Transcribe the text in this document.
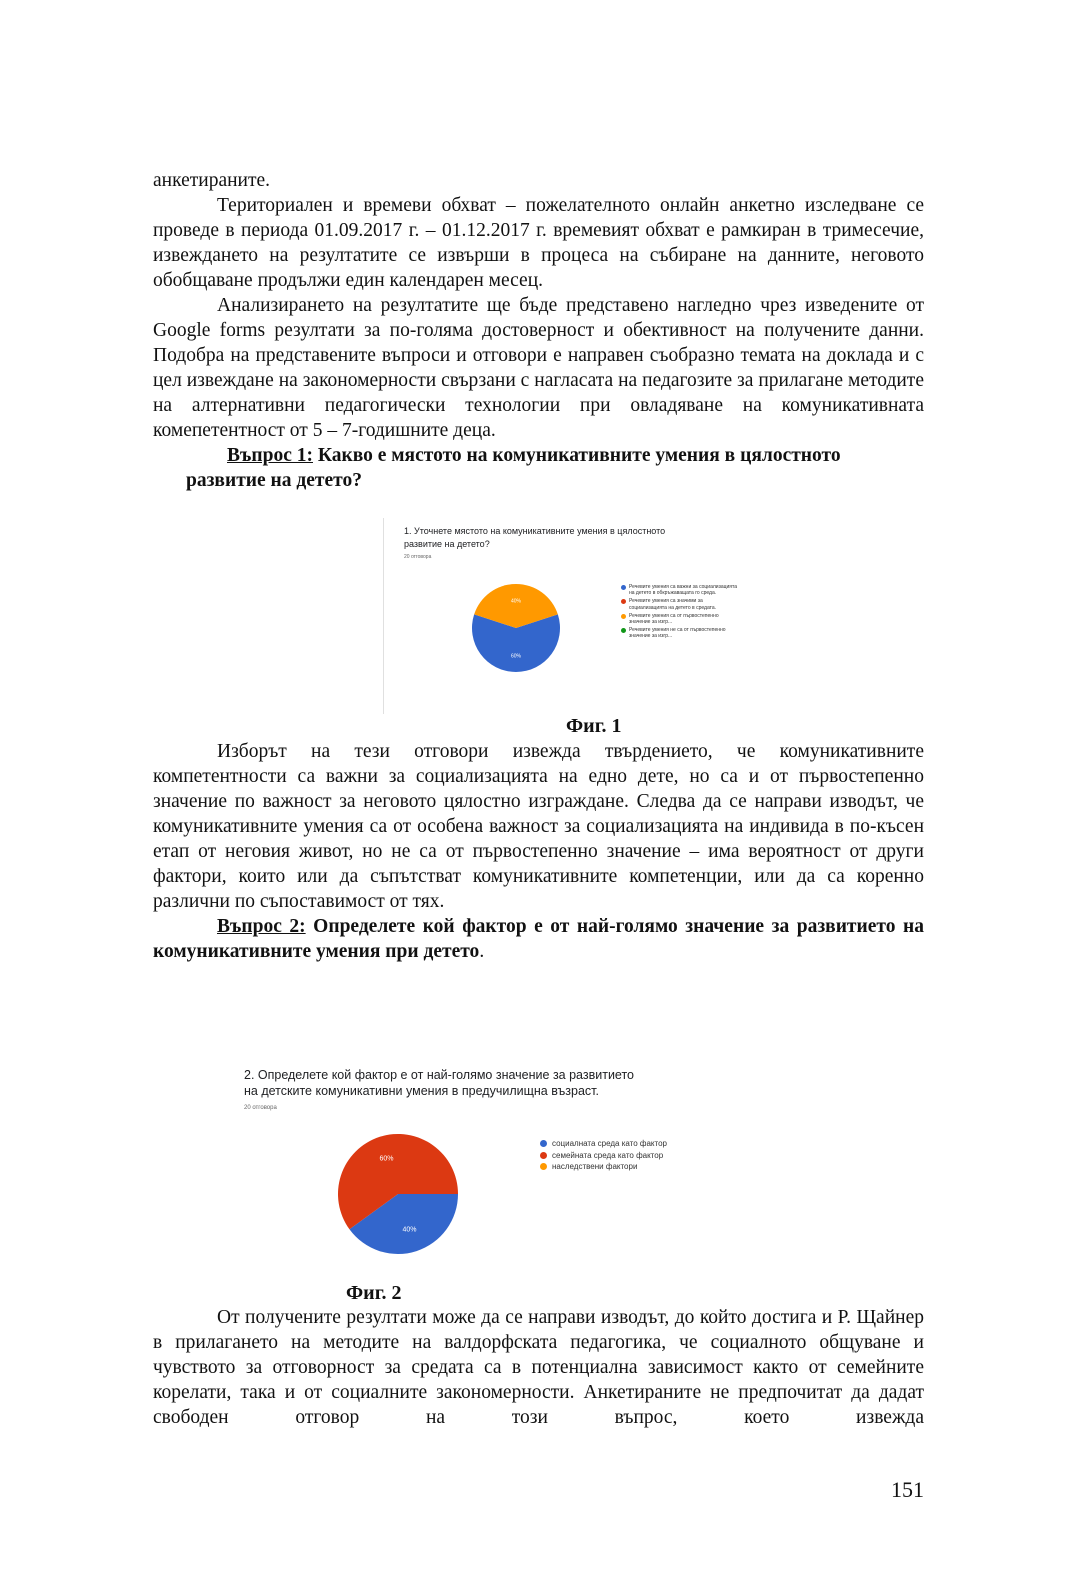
анкетираните.

Териториален и времеви обхват – пожелателното онлайн анкетно изследване се проведе в периода 01.09.2017 г. – 01.12.2017 г. времевият обхват е рамкиран в тримесечие, извеждането на резултатите се извърши в процеса на събиране на данните, неговото обобщаване продължи един календарен месец.

Анализирането на резултатите ще бъде представено нагледно чрез изведените от Google forms резултати за по-голяма достоверност и обективност на получените данни. Подобра на представените въпроси и отговори е направен съобразно темата на доклада и с цел извеждане на закономерности свързани с нагласата на педагозите за прилагане методите на алтернативни педагогически технологии при овладяване на комуникативната комепетентност от 5 – 7-годишните деца.

Въпрос 1: Какво е мястото на комуникативните умения в цялостното

развитие на детето?

1. Уточнете мястото на комуникативните умения в цялостното
развитие на детето?
20 отговора
60%
40%
Речевите умения са важни за социализацията на детето в обкръжаващата го среда.
Речевите умения са значими за социализацията на детето в средата.
Речевите умения са от първостепенно значение за изгр...
Речевите умения не са от първостепенно значение за изгр...
Фиг. 1

Изборът на тези отговори извежда твърдението, че комуникативните компетентности са важни за социализацията на едно дете, но са и от първостепенно значение по важност за неговото цялостно изграждане. Следва да се направи изводът, че комуникативните умения са от особена важност за социализацията на индивида в по-късен етап от неговия живот, но не са от първостепенно значение – има вероятност от други фактори, които или да съпътстват комуникативните компетенции, или да са коренно различни по съпоставимост от тях.

Въпрос 2: Определете кой фактор е от най-голямо значение за развитието на комуникативните умения при детето.

2. Определете кой фактор е от най-голямо значение за развитието
на детските комуникативни умения в предучилищна възраст.
20 отговора
40%
60%
социалната среда като фактор
семейната среда като фактор
наследствени фактори
Фиг. 2

От получените резултати може да се направи изводът, до който достига и Р. Щайнер в прилагането на методите на валдорфската педагогика, че социалното общуване и чувството за отговорност за средата са в потенциална зависимост както от семейните корелати, така и от социалните закономерности. Анкетираните не предпочитат да дадат свободен отговор на този въпрос, което извежда

151
